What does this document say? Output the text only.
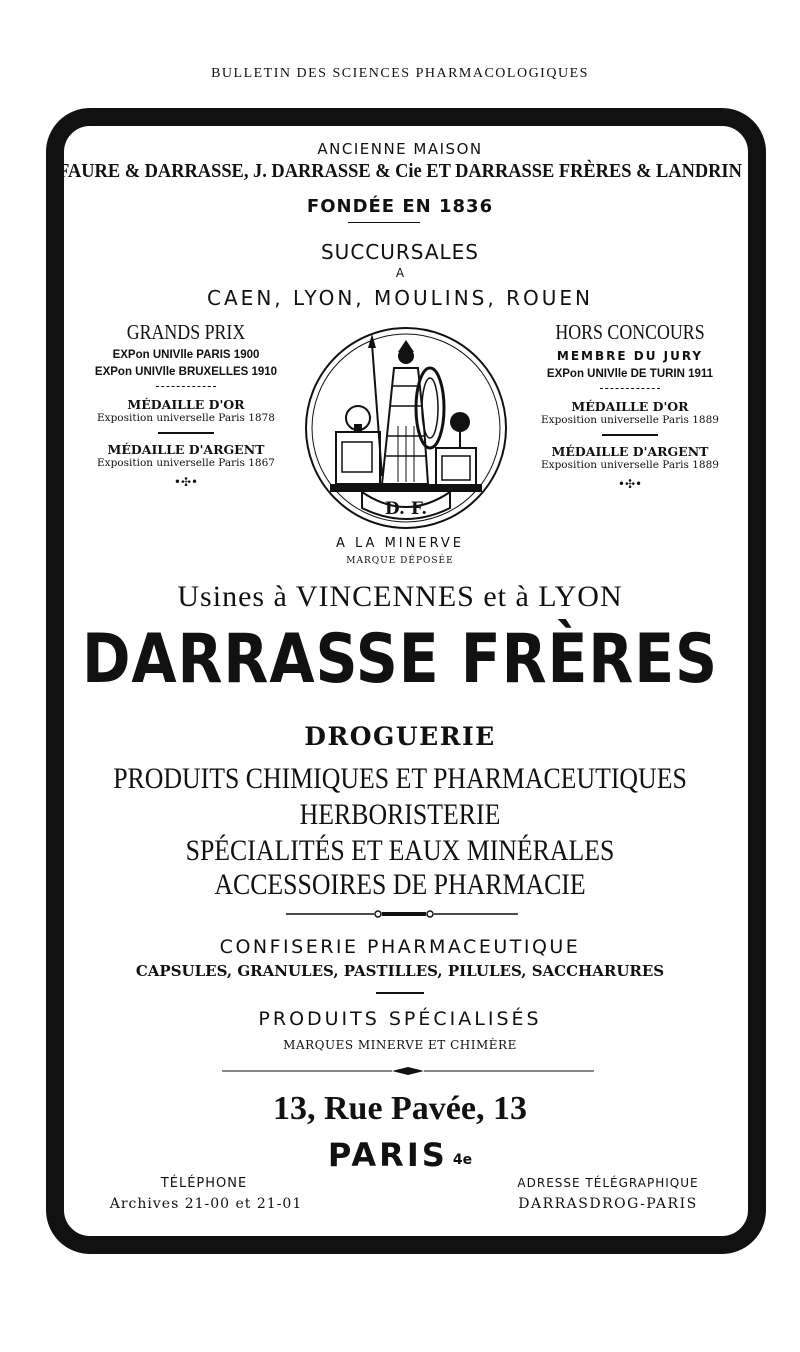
BULLETIN DES SCIENCES PHARMACOLOGIQUES
ANCIENNE MAISON
FAURE & DARRASSE, J. DARRASSE & Cie ET DARRASSE FRÈRES & LANDRIN
FONDÉE EN 1836
SUCCURSALES
A
CAEN, LYON, MOULINS, ROUEN
GRANDS PRIX
EXPon UNIVlle PARIS 1900
EXPon UNIVlle BRUXELLES 1910
MÉDAILLE D'OR
Exposition universelle Paris 1878
MÉDAILLE D'ARGENT
Exposition universelle Paris 1867
•✣•
HORS CONCOURS
MEMBRE DU JURY
EXPon UNIVlle DE TURIN 1911
MÉDAILLE D'OR
Exposition universelle Paris 1889
MÉDAILLE D'ARGENT
Exposition universelle Paris 1889
•✣•
D. F.
A LA MINERVE
MARQUE DÉPOSÉE
Usines à VINCENNES et à LYON
DARRASSE FRÈRES
DROGUERIE
PRODUITS CHIMIQUES ET PHARMACEUTIQUES
HERBORISTERIE
SPÉCIALITÉS ET EAUX MINÉRALES
ACCESSOIRES DE PHARMACIE
CONFISERIE PHARMACEUTIQUE
CAPSULES, GRANULES, PASTILLES, PILULES, SACCHARURES
PRODUITS SPÉCIALISÉS
MARQUES MINERVE ET CHIMÈRE
13, Rue Pavée, 13
PARIS 4e
TÉLÉPHONE
Archives 21-00 et 21-01
ADRESSE TÉLÉGRAPHIQUE
DARRASDROG-PARIS
